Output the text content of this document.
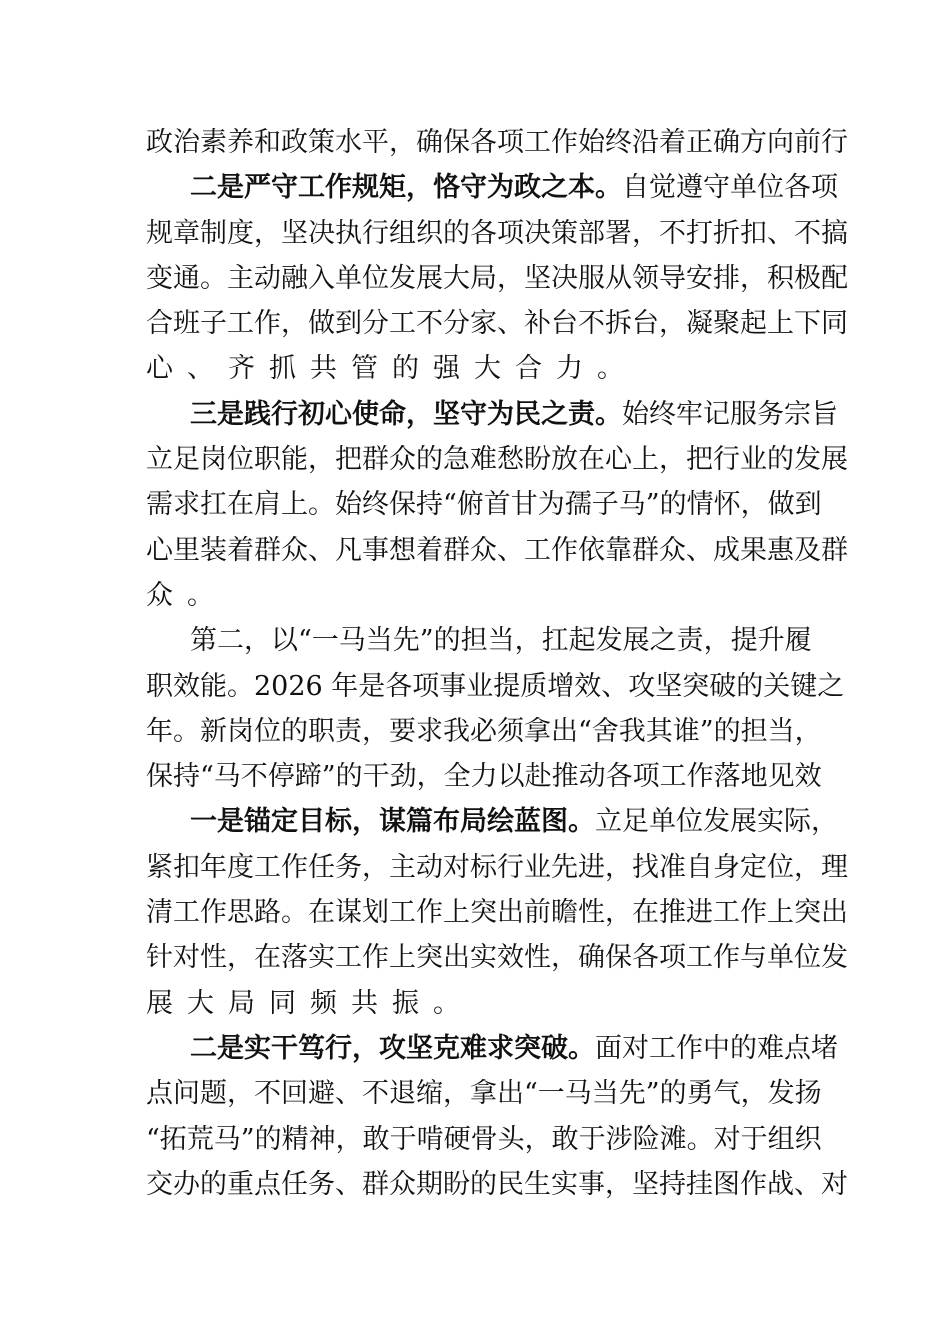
政治素养和政策水平，确保各项工作始终沿着正确方向前行
二是严守工作规矩，恪守为政之本。自觉遵守单位各项
规章制度，坚决执行组织的各项决策部署，不打折扣、不搞
变通。主动融入单位发展大局，坚决服从领导安排，积极配
合班子工作，做到分工不分家、补台不拆台，凝聚起上下同
心、齐抓共管的强大合力。
三是践行初心使命，坚守为民之责。始终牢记服务宗旨
立足岗位职能，把群众的急难愁盼放在心上，把行业的发展
需求扛在肩上。始终保持“俯首甘为孺子马”的情怀，做到
心里装着群众、凡事想着群众、工作依靠群众、成果惠及群
众。
第二，以“一马当先”的担当，扛起发展之责，提升履
职效能。2026 年是各项事业提质增效、攻坚突破的关键之
年。新岗位的职责，要求我必须拿出“舍我其谁”的担当，
保持“马不停蹄”的干劲，全力以赴推动各项工作落地见效
一是锚定目标，谋篇布局绘蓝图。立足单位发展实际，
紧扣年度工作任务，主动对标行业先进，找准自身定位，理
清工作思路。在谋划工作上突出前瞻性，在推进工作上突出
针对性，在落实工作上突出实效性，确保各项工作与单位发
展大局同频共振。
二是实干笃行，攻坚克难求突破。面对工作中的难点堵
点问题，不回避、不退缩，拿出“一马当先”的勇气，发扬
“拓荒马”的精神，敢于啃硬骨头，敢于涉险滩。对于组织
交办的重点任务、群众期盼的民生实事，坚持挂图作战、对
